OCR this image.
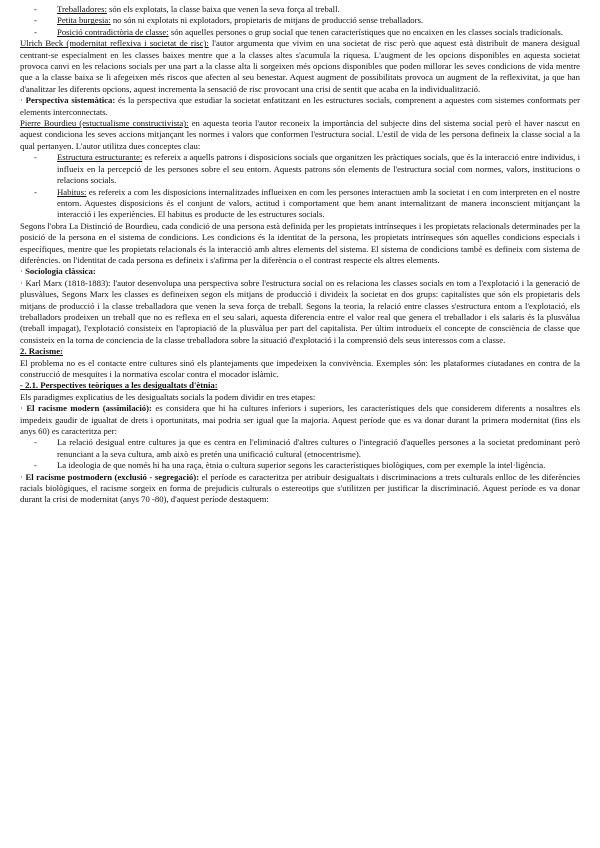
- Treballadores: són els explotats, la classe baixa que venen la seva força al treball.
- Petita burgesia: no són ni explotats ni explotadors, propietaris de mitjans de producció sense treballadors.
- Posició contradictòria de classe: són aquelles persones o grup social que tenen característiques que no encaixen en les classes socials tradicionals.

Ulrich Beck (modernitat reflexiva i societat de risc): l'autor argumenta que vivim en una societat de risc però que aquest està distribuït de manera desigual centrant-se especialment en les classes baixes mentre que a la classes altes s'acumula la riquesa. L'augment de les opcions disponibles en aquesta societat provoca canvi en les relacions socials per una part a la classe alta li sorgeixen més opcions disponibles que poden millorar les seves condicions de vida mentre que a la classe baixa se li afegeixen més riscos que afecten al seu benestar. Aquest augment de possibilitats provoca un augment de la reflexivitat, ja que han d'analitzar les diferents opcions, aquest incrementa la sensació de risc provocant una crisi de sentit que acaba en la individualització.

· Perspectiva sistemàtica: és la perspectiva que estudiar la societat enfatitzant en les estructures socials, comprenent a aquestes com sistemes conformats per elements interconnectats.

Pierre Bourdieu (estuctualisme constructivista): en aquesta teoria l'autor reconeix la importància del subjecte dins del sistema social però el haver nascut en aquest condiciona les seves accions mitjançant les normes i valors que conformen l'estructura social. L'estil de vida de les persona defineix la classe social a la qual pertanyen. L'autor utilitza dues conceptes clau:

- Estructura estructurante: es refereix a aquells patrons i disposicions socials que organitzen les pràctiques socials, que és la interacció entre individus, i influeix en la percepció de les persones sobre el seu entorn. Aquests patrons són elements de l'estructura social com normes, valors, institucions o relacions socials.
- Habitus: es refereix a com les disposicions internalitzades influeixen en com les persones interactuen amb la societat i en com interpreten en el nostre entorn. Aquestes disposicions és el conjunt de valors, actitud i comportament que hem anant internalitzant de manera inconscient mitjançant la interacció i les experiències. El habitus es producte de les estructures socials.

Segons l'obra La Distinció de Bourdieu, cada condició de una persona està definida per les propietats intrínseques i les propietats relacionals determinades per la posició de la persona en el sistema de condicions. Les condicions és la identitat de la persona, les propietats intrínseques són aquelles condicions especials i específiques, mentre que les propietats relacionals és la interacció amb altres elements del sistema. El sistema de condicions també es defineix com sistema de diferències. on l'identitat de cada persona es defineix i s'afirma per la diferència o el contrast respecte els altres elements.

· Sociologia clàssica:

· Karl Marx (1818-1883): l'autor desenvolupa una perspectiva sobre l'estructura social on es relaciona les classes socials en tom a l'explotació i la generació de plusvàlues, Segons Marx les classes es defineixen segon els mitjans de producció i divideix la societat en dos grups: capitalistes que són els propietaris dels mitjans de producció i la classe treballadora que venen la seva força de treball. Segons la teoria, la relació entre classes s'estructura entom a l'explotació, els treballadors prodeixen un treball que no es reflexa en el seu salari, aquesta diferencia entre el valor real que genera el treballador i els salaris és la plusvàlua (treball impagat), l'explotació consisteix en l'apropiació de la plusvàlua per part del capitalista. Per últim introdueix el concepte de consciència de classe que consisteix en la tornа de conciencia de la classe treballadora sobre la situació d'explotació i la comprensió dels seus interessos com a classe.

2. Racisme:

El problema no es el contacte entre cultures sinó els plantejaments que impedeixen la convivència. Exemples són: les plataformes ciutadanes en contra de la construcció de mesquites i la normativa escolar contra el mocador islàmic.

- 2.1. Perspectives teòriques a les desigualtats d'ètnia:

Els paradigmes explicatius de les desigualtats socials la podem dividir en tres etapes:

· El racisme modern (assimilació): es considera que hi ha cultures inferiors i superiors, les característiques dels que considerem diferents a nosaltres els impedeix gaudir de igualtat de drets i oportunitats, mai podria ser igual que la majoria. Aquest període que es va donar durant la primera modernitat (fins els anys 60) es caracteritza per:

- La relació desigual entre cultures ja que es centra en l'eliminació d'altres cultures o l'integració d'aquelles persones a la societat predominant però renunciant a la seva cultura, amb això es pretén una unificació cultural (etnocentrisme).
- La ideologia de que només hi ha una raça, ètnia o cultura superior segons les característiques biològiques, com per exemple la intel·ligència.

· El racisme postmodern (exclusió - segregació): el període es caracteritza per atribuir desigualtats i discriminacions a trets culturals enlloc de les diferències racials biològiques, el racisme sorgeix en forma de prejudicis culturals o estereotips que s'utilitzen per justificar la discriminació. Aquest període es va donar durant la crisi de modernitat (anys 70 -80), d'aquest període destaquem:
